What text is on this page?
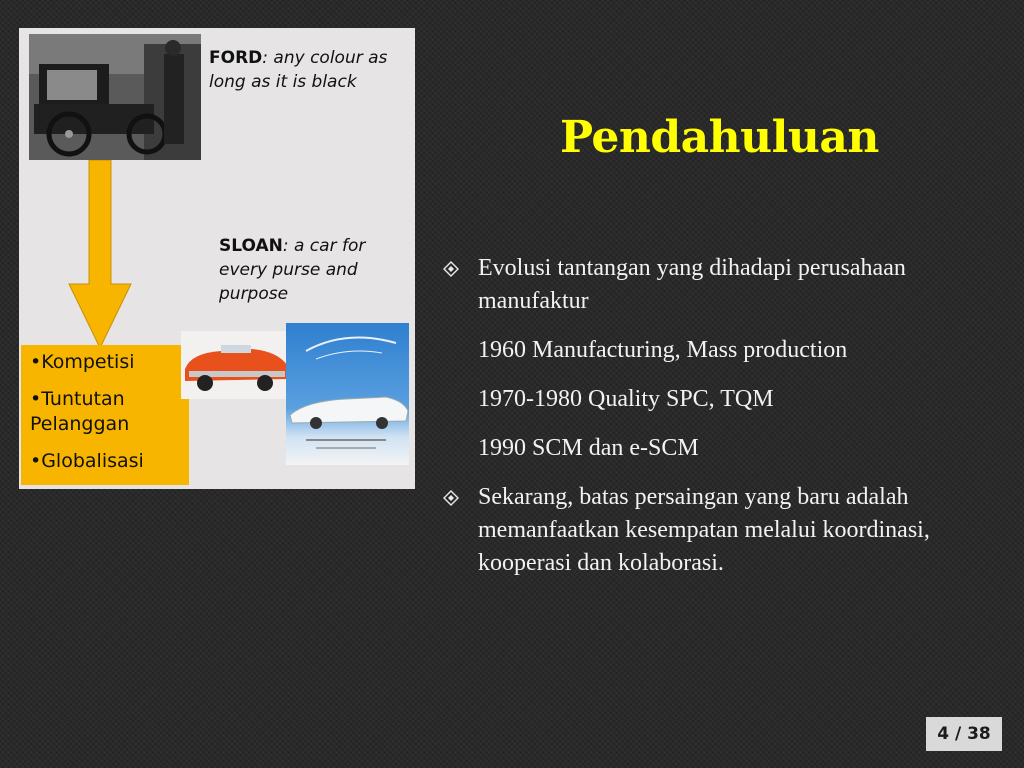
FORD: any colour as long as it is black
SLOAN: a car for every purse and purpose
•Kompetisi
•Tuntutan Pelanggan
•Globalisasi
Pendahuluan
Evolusi tantangan yang dihadapi perusahaan manufaktur
1960 Manufacturing, Mass production
1970-1980 Quality SPC, TQM
1990 SCM dan e-SCM
Sekarang, batas persaingan yang baru adalah memanfaatkan kesempatan melalui koordinasi, kooperasi dan kolaborasi.
4 / 38
